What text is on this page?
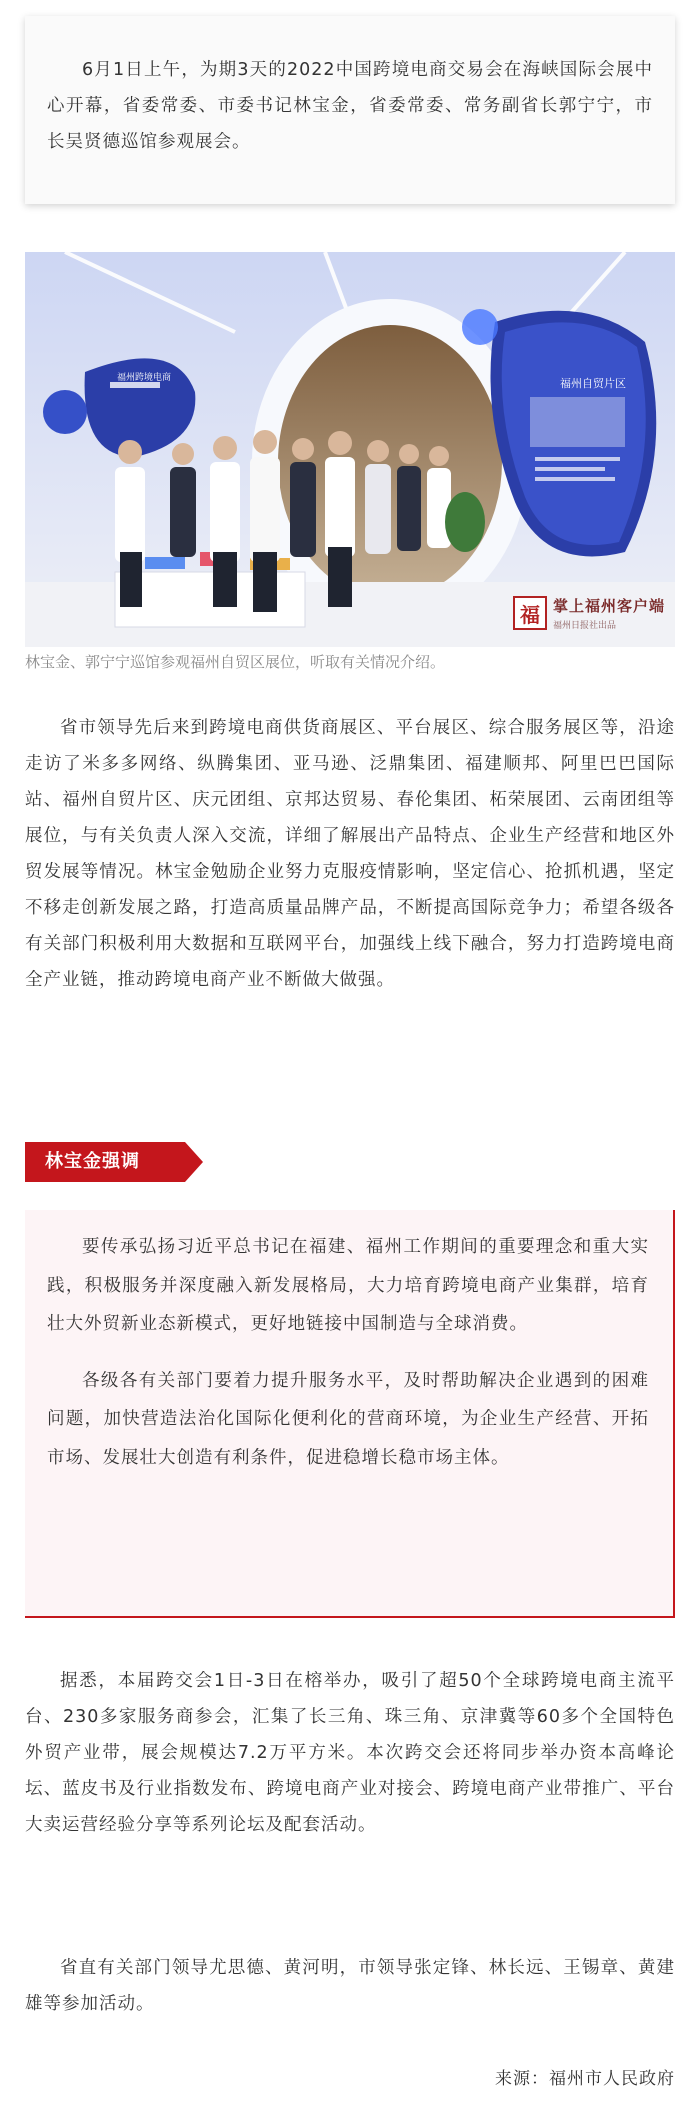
6月1日上午，为期3天的2022中国跨境电商交易会在海峡国际会展中心开幕，省委常委、市委书记林宝金，省委常委、常务副省长郭宁宁，市长吴贤德巡馆参观展会。

福州跨境电商	福州自贸片区
福 掌上福州客户端
福州日报社出品
林宝金、郭宁宁巡馆参观福州自贸区展位，听取有关情况介绍。

省市领导先后来到跨境电商供货商展区、平台展区、综合服务展区等，沿途走访了米多多网络、纵腾集团、亚马逊、泛鼎集团、福建顺邦、阿里巴巴国际站、福州自贸片区、庆元团组、京邦达贸易、春伦集团、柘荣展团、云南团组等展位，与有关负责人深入交流，详细了解展出产品特点、企业生产经营和地区外贸发展等情况。林宝金勉励企业努力克服疫情影响，坚定信心、抢抓机遇，坚定不移走创新发展之路，打造高质量品牌产品，不断提高国际竞争力；希望各级各有关部门积极利用大数据和互联网平台，加强线上线下融合，努力打造跨境电商全产业链，推动跨境电商产业不断做大做强。

林宝金强调

要传承弘扬习近平总书记在福建、福州工作期间的重要理念和重大实践，积极服务并深度融入新发展格局，大力培育跨境电商产业集群，培育壮大外贸新业态新模式，更好地链接中国制造与全球消费。

各级各有关部门要着力提升服务水平，及时帮助解决企业遇到的困难问题，加快营造法治化国际化便利化的营商环境，为企业生产经营、开拓市场、发展壮大创造有利条件，促进稳增长稳市场主体。

据悉，本届跨交会1日-3日在榕举办，吸引了超50个全球跨境电商主流平台、230多家服务商参会，汇集了长三角、珠三角、京津冀等60多个全国特色外贸产业带，展会规模达7.2万平方米。本次跨交会还将同步举办资本高峰论坛、蓝皮书及行业指数发布、跨境电商产业对接会、跨境电商产业带推广、平台大卖运营经验分享等系列论坛及配套活动。

省直有关部门领导尤思德、黄河明，市领导张定锋、林长远、王锡章、黄建雄等参加活动。

来源：福州市人民政府
